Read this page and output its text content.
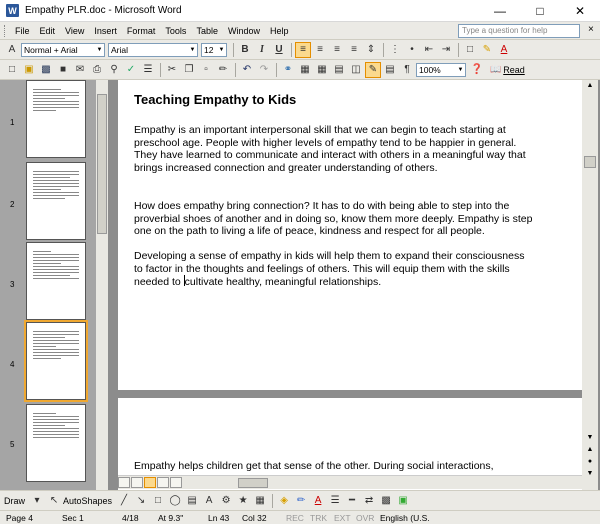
W Empathy PLR.doc - Microsoft Word	—	□	✕
File	Edit	View	Insert	Format	Tools	Table	Window	Help	Type a question for help	×
A	Normal + Arial	▼	Arial	▼	12 ▼	B	I	U	≡	≡	≡	≡ ⇕	⋮	•	⇤ ⇥	□ ✎ A
□ ▣ ▩ ■ ✉ ⎙ ⚲ ✓ ☰	✂ ❐	▫	✏	↶ ↷	⚭ ▦ ▦ ▤ ◫ ✎ ▤ ¶	100%	▼ ❓ 📖 Read
1
2
3
4
5
Teaching Empathy to Kids
Empathy is an important interpersonal skill that we can begin to teach starting at preschool age. People with higher levels of empathy tend to be happier in general. They have learned to communicate and interact with others in a meaningful way that brings increased connection and greater understanding of others.
How does empathy bring connection? It has to do with being able to step into the proverbial shoes of another and in doing so, know them more deeply. Empathy is step one on the path to living a life of peace, kindness and respect for all people.
Developing a sense of empathy in kids will help them to expand their consciousness to factor in the thoughts and feelings of others. This will equip them with the skills needed to cultivate healthy, meaningful relationships.
Empathy helps children get that sense of the other. During social interactions,
▲
▼
▲
●
▼
Draw ▾	↖ AutoShapes ╱ ↘ □ ◯ ▤ A ⚙ ★ ▦	◈ ✏ A ☰ ━ ⇄ ▩ ▣
Page 4	Sec 1	4/18 At 9.3"	Ln 43 Col 32 REC TRK EXT OVR English (U.S.
